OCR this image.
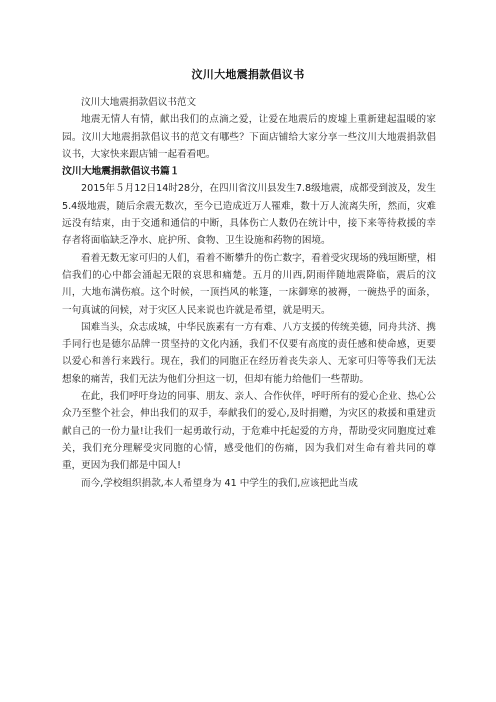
汶川大地震捐款倡议书

汶川大地震捐款倡议书范文

地震无情人有情，献出我们的点滴之爱，让爱在地震后的废墟上重新建起温暖的家园。汶川大地震捐款倡议书的范文有哪些？下面店铺给大家分享一些汶川大地震捐款倡议书，大家快来跟店铺一起看看吧。

汶川大地震捐款倡议书篇１

2015年５月12日14时28分，在四川省汶川县发生7.8级地震，成都受到波及，发生5.4级地震，随后余震无数次，至今已造成近万人罹难，数十万人流离失所，然而，灾难远没有结束，由于交通和通信的中断，具体伤亡人数仍在统计中，接下来等待救援的幸存者将面临缺乏净水、庇护所、食物、卫生设施和药物的困境。

看着无数无家可归的人们，看着不断攀升的伤亡数字，看着受灾现场的残垣断壁，相信我们的心中都会涌起无限的哀思和痛楚。五月的川西,阴雨伴随地震降临，震后的汶川，大地布满伤痕。这个时候，一顶挡风的帐篷，一床御寒的被褥，一碗热乎的面条，一句真诚的问候，对于灾区人民来说也许就是希望，就是明天。

国难当头，众志成城，中华民族素有一方有难、八方支援的传统美德，同舟共济、携手同行也是德尔品牌一贯坚持的文化内涵，我们不仅要有高度的责任感和使命感，更要以爱心和善行来践行。现在，我们的同胞正在经历着丧失亲人、无家可归等等我们无法想象的痛苦，我们无法为他们分担这一切，但却有能力给他们一些帮助。

在此，我们呼吁身边的同事、朋友、亲人、合作伙伴，呼吁所有的爱心企业、热心公众乃至整个社会，伸出我们的双手，奉献我们的爱心,及时捐赠，为灾区的救援和重建贡献自己的一份力量!让我们一起勇敢行动，于危难中托起爱的方舟，帮助受灾同胞度过难关，我们充分理解受灾同胞的心情，感受他们的伤痛，因为我们对生命有着共同的尊重，更因为我们都是中国人!

而今,学校组织捐款,本人希望身为 41 中学生的我们,应该把此当成
